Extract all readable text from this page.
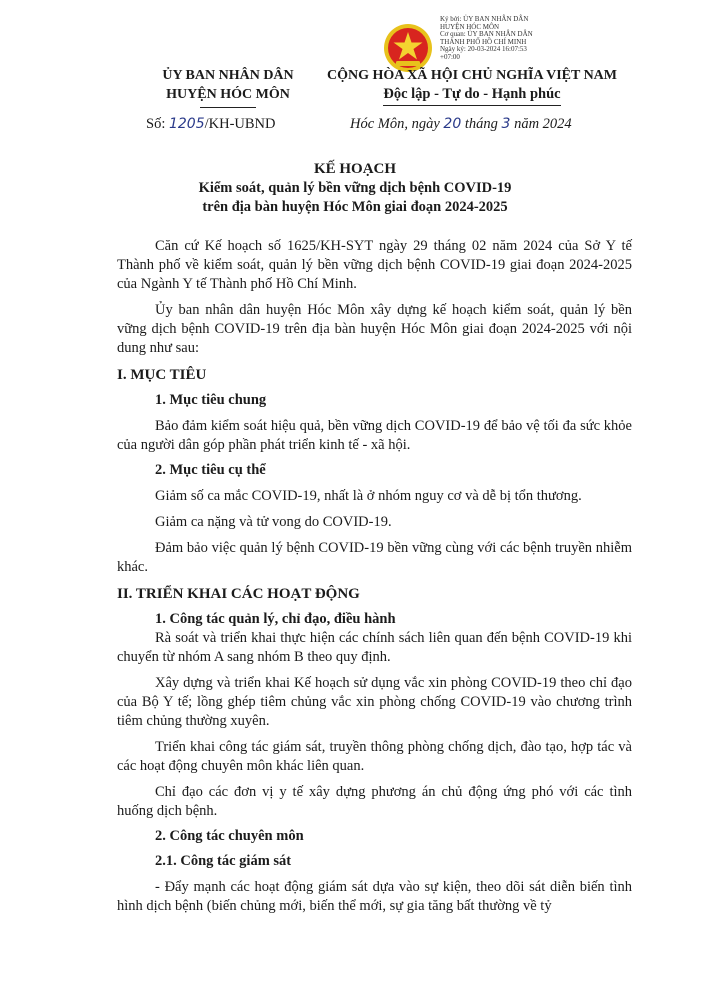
Ký bởi: ỦY BAN NHÂN DÂN
HUYỆN HÓC MÔN
Cơ quan: ỦY BAN NHÂN DÂN
THÀNH PHỐ HỒ CHÍ MINH
Ngày ký: 20-03-2024 16:07:53
+07:00
ỦY BAN NHÂN DÂN
HUYỆN HÓC MÔN
CỘNG HÒA XÃ HỘI CHỦ NGHĨA VIỆT NAM
Độc lập - Tự do - Hạnh phúc
Số: 1205/KH-UBND	Hóc Môn, ngày 20 tháng 3 năm 2024
KẾ HOẠCH
Kiểm soát, quản lý bền vững dịch bệnh COVID-19
trên địa bàn huyện Hóc Môn giai đoạn 2024-2025

Căn cứ Kế hoạch số 1625/KH-SYT ngày 29 tháng 02 năm 2024 của Sở Y tế Thành phố về kiểm soát, quản lý bền vững dịch bệnh COVID-19 giai đoạn 2024-2025 của Ngành Y tế Thành phố Hồ Chí Minh.

Ủy ban nhân dân huyện Hóc Môn xây dựng kế hoạch kiểm soát, quản lý bền vững dịch bệnh COVID-19 trên địa bàn huyện Hóc Môn giai đoạn 2024-2025 với nội dung như sau:

I. MỤC TIÊU

1. Mục tiêu chung

Bảo đảm kiểm soát hiệu quả, bền vững dịch COVID-19 để bảo vệ tối đa sức khỏe của người dân góp phần phát triển kinh tế - xã hội.

2. Mục tiêu cụ thể

Giảm số ca mắc COVID-19, nhất là ở nhóm nguy cơ và dễ bị tổn thương.

Giảm ca nặng và tử vong do COVID-19.

Đảm bảo việc quản lý bệnh COVID-19 bền vững cùng với các bệnh truyền nhiễm khác.

II. TRIỂN KHAI CÁC HOẠT ĐỘNG

1. Công tác quản lý, chỉ đạo, điều hành

Rà soát và triển khai thực hiện các chính sách liên quan đến bệnh COVID-19 khi chuyển từ nhóm A sang nhóm B theo quy định.

Xây dựng và triển khai Kế hoạch sử dụng vắc xin phòng COVID-19 theo chỉ đạo của Bộ Y tế; lồng ghép tiêm chủng vắc xin phòng chống COVID-19 vào chương trình tiêm chủng thường xuyên.

Triển khai công tác giám sát, truyền thông phòng chống dịch, đào tạo, hợp tác và các hoạt động chuyên môn khác liên quan.

Chỉ đạo các đơn vị y tế xây dựng phương án chủ động ứng phó với các tình huống dịch bệnh.

2. Công tác chuyên môn

2.1. Công tác giám sát

- Đẩy mạnh các hoạt động giám sát dựa vào sự kiện, theo dõi sát diễn biến tình hình dịch bệnh (biến chủng mới, biến thể mới, sự gia tăng bất thường về tỷ
